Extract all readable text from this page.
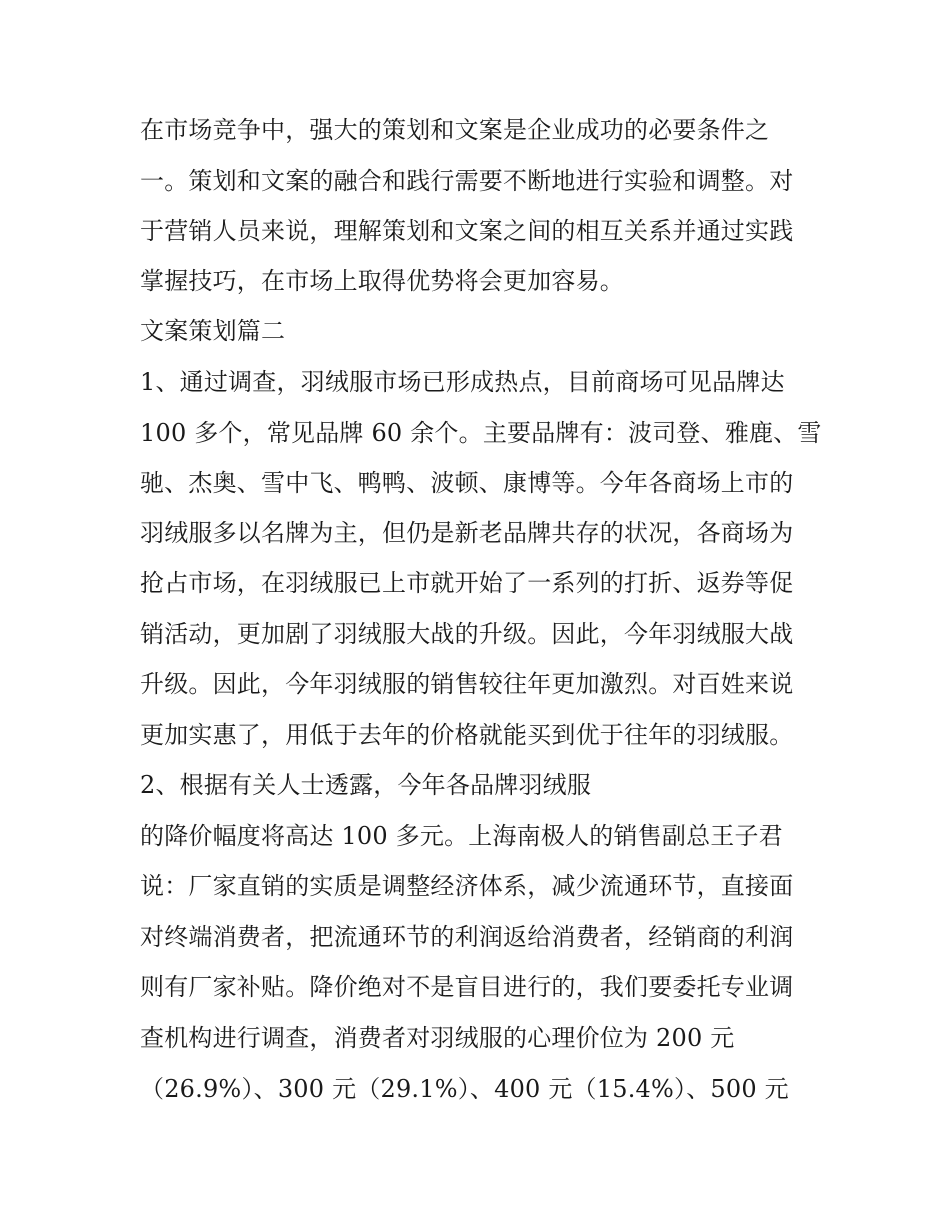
在市场竞争中，强大的策划和文案是企业成功的必要条件之
一。策划和文案的融合和践行需要不断地进行实验和调整。对
于营销人员来说，理解策划和文案之间的相互关系并通过实践
掌握技巧，在市场上取得优势将会更加容易。
文案策划篇二
1、通过调查，羽绒服市场已形成热点，目前商场可见品牌达
100 多个，常见品牌 60 余个。主要品牌有：波司登、雅鹿、雪
驰、杰奥、雪中飞、鸭鸭、波顿、康博等。今年各商场上市的
羽绒服多以名牌为主，但仍是新老品牌共存的状况，各商场为
抢占市场，在羽绒服已上市就开始了一系列的打折、返券等促
销活动，更加剧了羽绒服大战的升级。因此，今年羽绒服大战
升级。因此，今年羽绒服的销售较往年更加激烈。对百姓来说
更加实惠了，用低于去年的价格就能买到优于往年的羽绒服。
2、根据有关人士透露，今年各品牌羽绒服
的降价幅度将高达 100 多元。上海南极人的销售副总王子君
说：厂家直销的实质是调整经济体系，减少流通环节，直接面
对终端消费者，把流通环节的利润返给消费者，经销商的利润
则有厂家补贴。降价绝对不是盲目进行的，我们要委托专业调
查机构进行调查，消费者对羽绒服的心理价位为 200 元
（26.9%）、300 元（29.1%）、400 元（15.4%）、500 元
